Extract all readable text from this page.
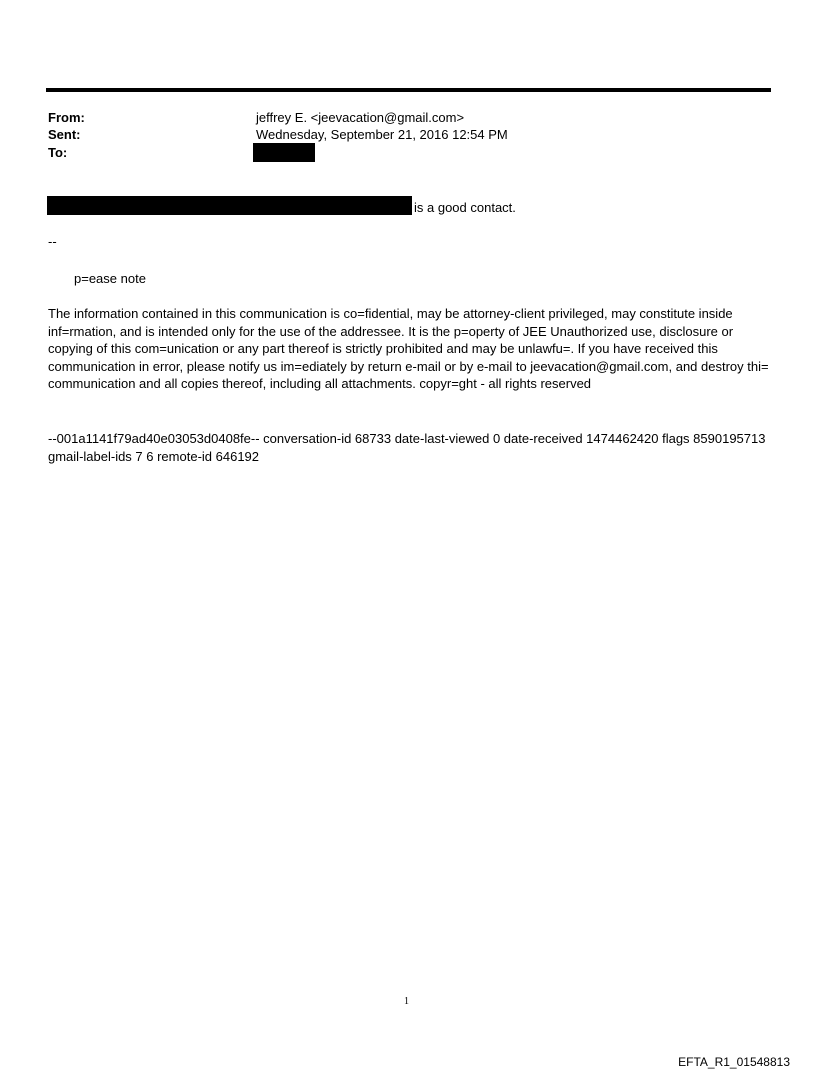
From:	jeffrey E. <jeevacation@gmail.com>
Sent:	Wednesday, September 21, 2016 12:54 PM
To:
is a good contact.
--
p=ease note
The information contained in this communication is co=fidential, may be attorney-client privileged, may constitute inside inf=rmation, and is intended only for the use of the addressee. It is the p=operty of JEE Unauthorized use, disclosure or copying of this com=unication or any part thereof is strictly prohibited and may be unlawfu=. If you have received this communication in error, please notify us im=ediately by return e-mail or by e-mail to jeevacation@gmail.com, and destroy thi= communication and all copies thereof, including all attachments. copyr=ght - all rights reserved
--001a1141f79ad40e03053d0408fe-- conversation-id 68733 date-last-viewed 0 date-received 1474462420 flags 8590195713 gmail-label-ids 7 6 remote-id 646192
1
EFTA_R1_01548813
